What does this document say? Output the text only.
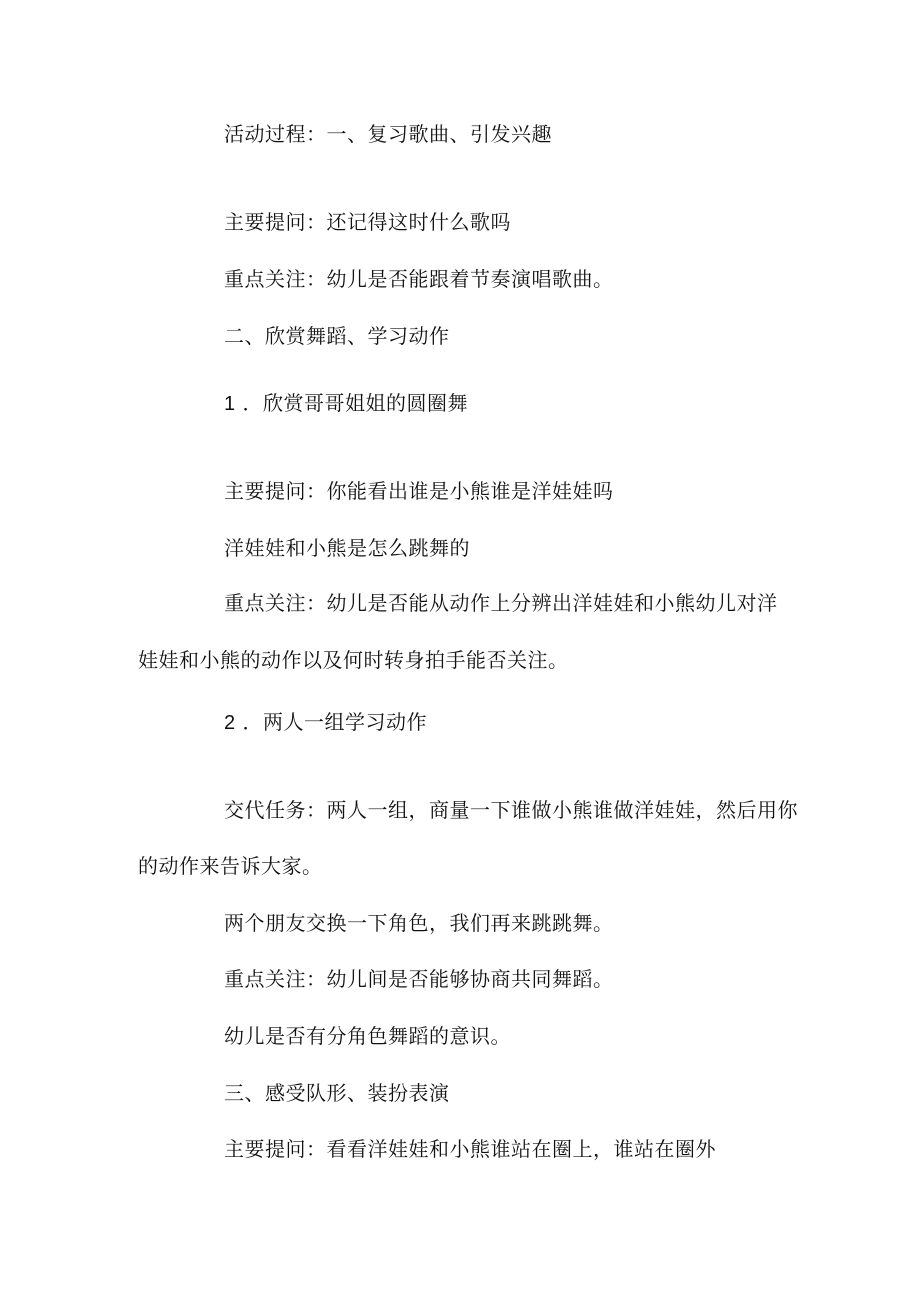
活动过程：一、复习歌曲、引发兴趣
主要提问：还记得这时什么歌吗
重点关注：幼儿是否能跟着节奏演唱歌曲。
二、欣赏舞蹈、学习动作
1 ．欣赏哥哥姐姐的圆圈舞
主要提问：你能看出谁是小熊谁是洋娃娃吗
洋娃娃和小熊是怎么跳舞的
重点关注：幼儿是否能从动作上分辨出洋娃娃和小熊幼儿对洋
娃娃和小熊的动作以及何时转身拍手能否关注。
2 ．两人一组学习动作
交代任务：两人一组，商量一下谁做小熊谁做洋娃娃，然后用你
的动作来告诉大家。
两个朋友交换一下角色，我们再来跳跳舞。
重点关注：幼儿间是否能够协商共同舞蹈。
幼儿是否有分角色舞蹈的意识。
三、感受队形、装扮表演
主要提问：看看洋娃娃和小熊谁站在圈上，谁站在圈外
